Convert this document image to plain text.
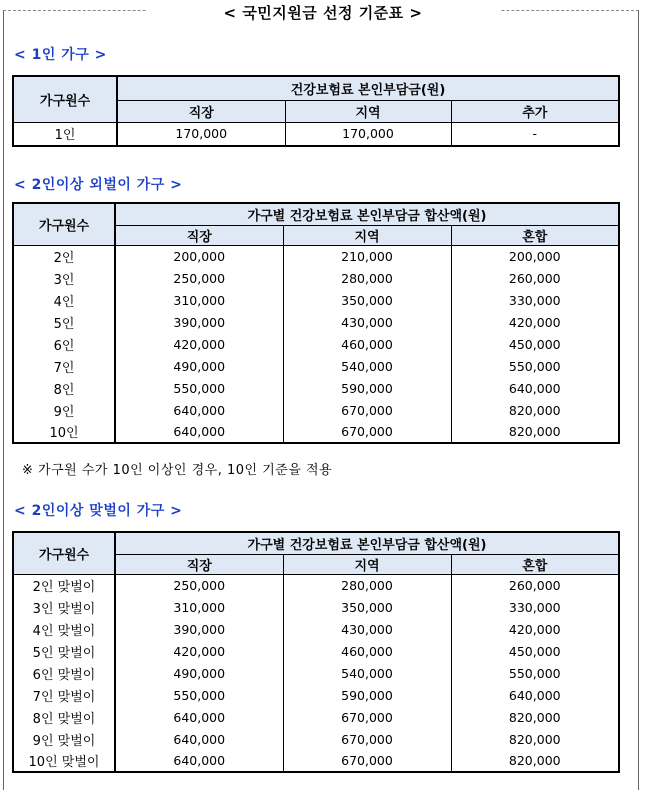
< 국민지원금 선정 기준표 >
< 1인 가구 >
가구원수	건강보험료 본인부담금(원)		
	직장	지역	추가
1인	170,000	170,000	-
< 2인이상 외벌이 가구 >
가구원수	가구별 건강보험료 본인부담금 합산액(원)		
	직장	지역	혼합
2인	200,000	210,000	200,000
3인	250,000	280,000	260,000
4인	310,000	350,000	330,000
5인	390,000	430,000	420,000
6인	420,000	460,000	450,000
7인	490,000	540,000	550,000
8인	550,000	590,000	640,000
9인	640,000	670,000	820,000
10인	640,000	670,000	820,000
※ 가구원 수가 10인 이상인 경우, 10인 기준을 적용
< 2인이상 맞벌이 가구 >
가구원수	가구별 건강보험료 본인부담금 합산액(원)		
	직장	지역	혼합
2인 맞벌이	250,000	280,000	260,000
3인 맞벌이	310,000	350,000	330,000
4인 맞벌이	390,000	430,000	420,000
5인 맞벌이	420,000	460,000	450,000
6인 맞벌이	490,000	540,000	550,000
7인 맞벌이	550,000	590,000	640,000
8인 맞벌이	640,000	670,000	820,000
9인 맞벌이	640,000	670,000	820,000
10인 맞벌이	640,000	670,000	820,000
